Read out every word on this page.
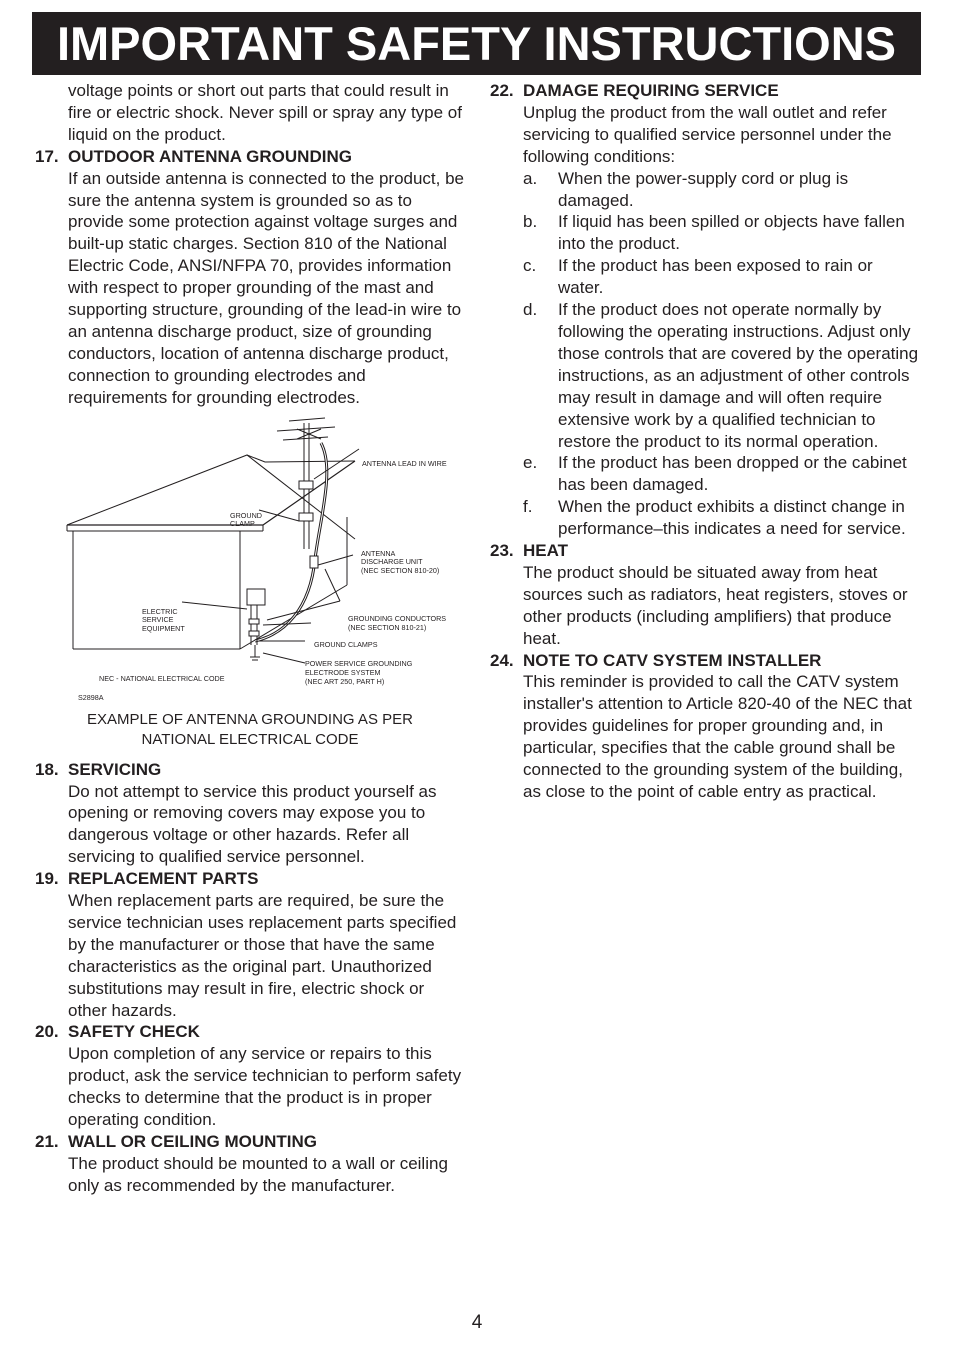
IMPORTANT SAFETY INSTRUCTIONS
voltage points or short out parts that could result in fire or electric shock. Never spill or spray any type of liquid on the product.
17. OUTDOOR ANTENNA GROUNDING
If an outside antenna is connected to the product, be sure the antenna system is grounded so as to provide some protection against voltage surges and built-up static charges. Section 810 of the National Electric Code, ANSI/NFPA 70, provides information with respect to proper grounding of the mast and supporting structure, grounding of the lead-in wire to an antenna discharge product, size of grounding conductors, location of antenna discharge product, connection to grounding electrodes and requirements for grounding electrodes.
ANTENNA LEAD IN WIRE
GROUND CLAMP
ANTENNA DISCHARGE UNIT
(NEC SECTION 810-20)
ELECTRIC SERVICE EQUIPMENT
GROUNDING CONDUCTORS
(NEC SECTION 810-21)
GROUND CLAMPS
NEC - NATIONAL ELECTRICAL CODE
POWER SERVICE GROUNDING
ELECTRODE SYSTEM
(NEC ART 250, PART H)
S2898A
EXAMPLE OF ANTENNA GROUNDING AS PER
NATIONAL ELECTRICAL CODE
18. SERVICING
Do not attempt to service this product yourself as opening or removing covers may expose you to dangerous voltage or other hazards. Refer all servicing to qualified service personnel.
19. REPLACEMENT PARTS
When replacement parts are required, be sure the service technician uses replacement parts specified by the manufacturer or those that have the same characteristics as the original part. Unauthorized substitutions may result in fire, electric shock or other hazards.
20. SAFETY CHECK
Upon completion of any service or repairs to this product, ask the service technician to perform safety checks to determine that the product is in proper operating condition.
21. WALL OR CEILING MOUNTING
The product should be mounted to a wall or ceiling only as recommended by the manufacturer.
22. DAMAGE REQUIRING SERVICE
Unplug the product from the wall outlet and refer servicing to qualified service personnel under the following conditions:
a. When the power-supply cord or plug is damaged.
b. If liquid has been spilled or objects have fallen into the product.
c. If the product has been exposed to rain or water.
d. If the product does not operate normally by following the operating instructions. Adjust only those controls that are covered by the operating instructions, as an adjustment of other controls may result in damage and will often require extensive work by a qualified technician to restore the product to its normal operation.
e. If the product has been dropped or the cabinet has been damaged.
f. When the product exhibits a distinct change in performance–this indicates a need for service.
23. HEAT
The product should be situated away from heat sources such as radiators, heat registers, stoves or other products (including amplifiers) that produce heat.
24. NOTE TO CATV SYSTEM INSTALLER
This reminder is provided to call the CATV system installer's attention to Article 820-40 of the NEC that provides guidelines for proper grounding and, in particular, specifies that the cable ground shall be connected to the grounding system of the building, as close to the point of cable entry as practical.
4
